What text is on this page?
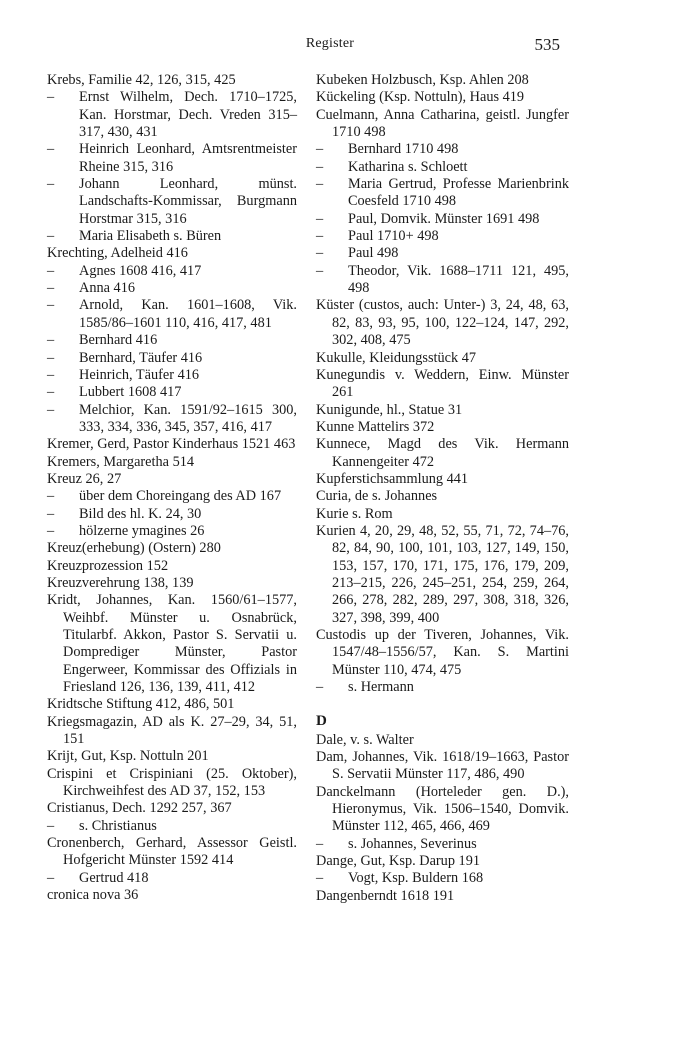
Register	535
Krebs, Familie 42, 126, 315, 425
– Ernst Wilhelm, Dech. 1710–1725, Kan. Horstmar, Dech. Vreden 315–317, 430, 431
– Heinrich Leonhard, Amtsrentmeister Rheine 315, 316
– Johann Leonhard, münst. Landschafts-Kommissar, Burgmann Horstmar 315, 316
– Maria Elisabeth s. Büren
Krechting, Adelheid 416
– Agnes 1608 416, 417
– Anna 416
– Arnold, Kan. 1601–1608, Vik. 1585/86–1601 110, 416, 417, 481
– Bernhard 416
– Bernhard, Täufer 416
– Heinrich, Täufer 416
– Lubbert 1608 417
– Melchior, Kan. 1591/92–1615 300, 333, 334, 336, 345, 357, 416, 417
Kremer, Gerd, Pastor Kinderhaus 1521 463
Kremers, Margaretha 514
Kreuz 26, 27
– über dem Choreingang des AD 167
– Bild des hl. K. 24, 30
– hölzerne ymagines 26
Kreuz(erhebung) (Ostern) 280
Kreuzprozession 152
Kreuzverehrung 138, 139
Kridt, Johannes, Kan. 1560/61–1577, Weihbf. Münster u. Osnabrück, Titularbf. Akkon, Pastor S. Servatii u. Domprediger Münster, Pastor Engerweer, Kommissar des Offizials in Friesland 126, 136, 139, 411, 412
Kridtsche Stiftung 412, 486, 501
Kriegsmagazin, AD als K. 27–29, 34, 51, 151
Krijt, Gut, Ksp. Nottuln 201
Crispini et Crispiniani (25. Oktober), Kirchweihfest des AD 37, 152, 153
Cristianus, Dech. 1292 257, 367
– s. Christianus
Cronenberch, Gerhard, Assessor Geistl. Hofgericht Münster 1592 414
– Gertrud 418
cronica nova 36
Kubeken Holzbusch, Ksp. Ahlen 208
Kückeling (Ksp. Nottuln), Haus 419
Cuelmann, Anna Catharina, geistl. Jungfer 1710 498
– Bernhard 1710 498
– Katharina s. Schloett
– Maria Gertrud, Professe Marienbrink Coesfeld 1710 498
– Paul, Domvik. Münster 1691 498
– Paul 1710+ 498
– Paul 498
– Theodor, Vik. 1688–1711 121, 495, 498
Küster (custos, auch: Unter-) 3, 24, 48, 63, 82, 83, 93, 95, 100, 122–124, 147, 292, 302, 408, 475
Kukulle, Kleidungsstück 47
Kunegundis v. Weddern, Einw. Münster 261
Kunigunde, hl., Statue 31
Kunne Mattelirs 372
Kunnece, Magd des Vik. Hermann Kannengeiter 472
Kupferstichsammlung 441
Curia, de s. Johannes
Kurie s. Rom
Kurien 4, 20, 29, 48, 52, 55, 71, 72, 74–76, 82, 84, 90, 100, 101, 103, 127, 149, 150, 153, 157, 170, 171, 175, 176, 179, 209, 213–215, 226, 245–251, 254, 259, 264, 266, 278, 282, 289, 297, 308, 318, 326, 327, 398, 399, 400
Custodis up der Tiveren, Johannes, Vik. 1547/48–1556/57, Kan. S. Martini Münster 110, 474, 475
– s. Hermann
D
Dale, v. s. Walter
Dam, Johannes, Vik. 1618/19–1663, Pastor S. Servatii Münster 117, 486, 490
Danckelmann (Horteleder gen. D.), Hieronymus, Vik. 1506–1540, Domvik. Münster 112, 465, 466, 469
– s. Johannes, Severinus
Dange, Gut, Ksp. Darup 191
– Vogt, Ksp. Buldern 168
Dangenberndt 1618 191
